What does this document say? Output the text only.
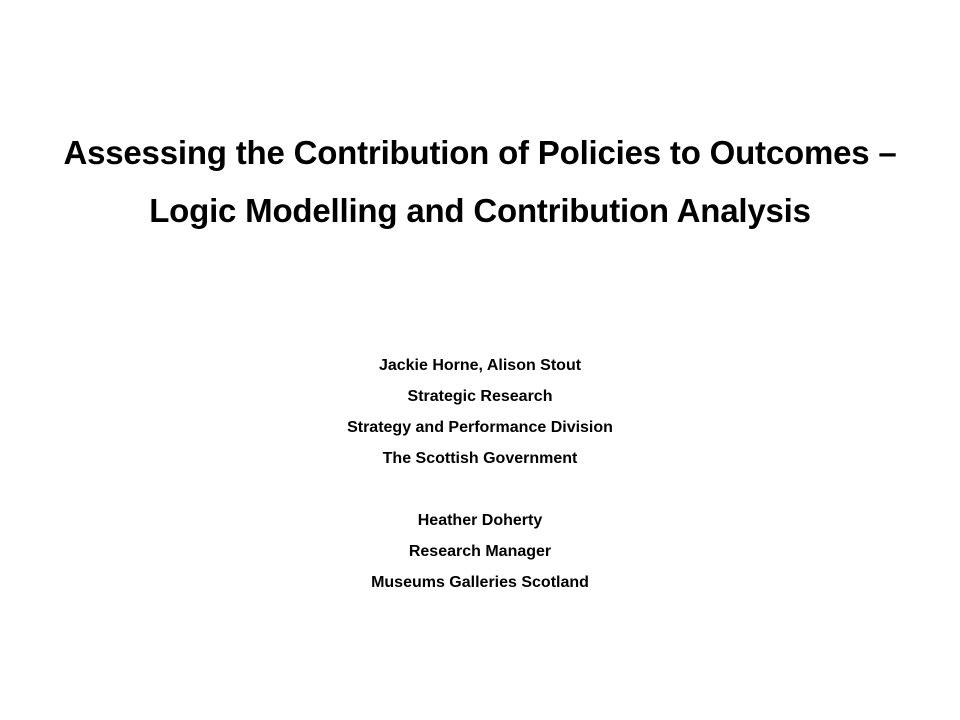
Assessing the Contribution of Policies to Outcomes –
Logic Modelling and Contribution Analysis
Jackie Horne, Alison Stout
Strategic Research
Strategy and Performance Division
The Scottish Government
Heather Doherty
Research Manager
Museums Galleries Scotland
